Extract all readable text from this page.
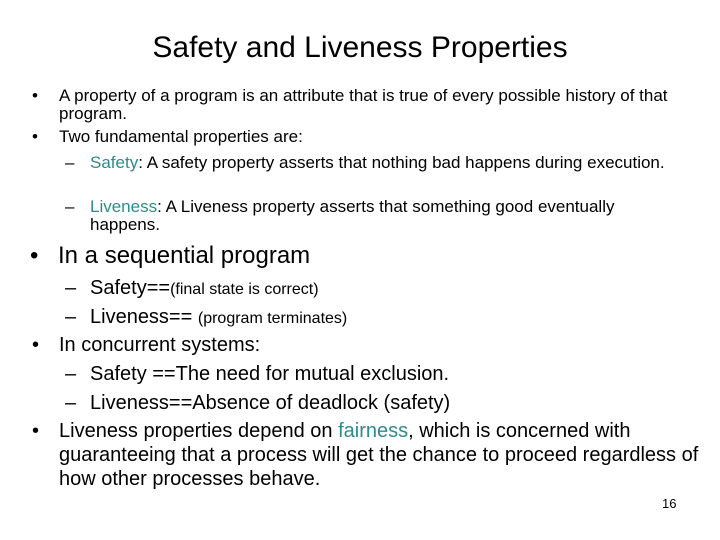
Safety and Liveness Properties
• A property of a program is an attribute that is true of every possible history of that program.
• Two fundamental properties are:
– Safety: A safety property asserts that nothing bad happens during execution.
– Liveness: A Liveness property asserts that something good eventually happens.
• In a sequential program
– Safety==(final state is correct)
– Liveness== (program terminates)
• In concurrent systems:
– Safety ==The need for mutual exclusion.
– Liveness==Absence of deadlock (safety)
• Liveness properties depend on fairness, which is concerned with guaranteeing that a process will get the chance to proceed regardless of how other processes behave.
16
